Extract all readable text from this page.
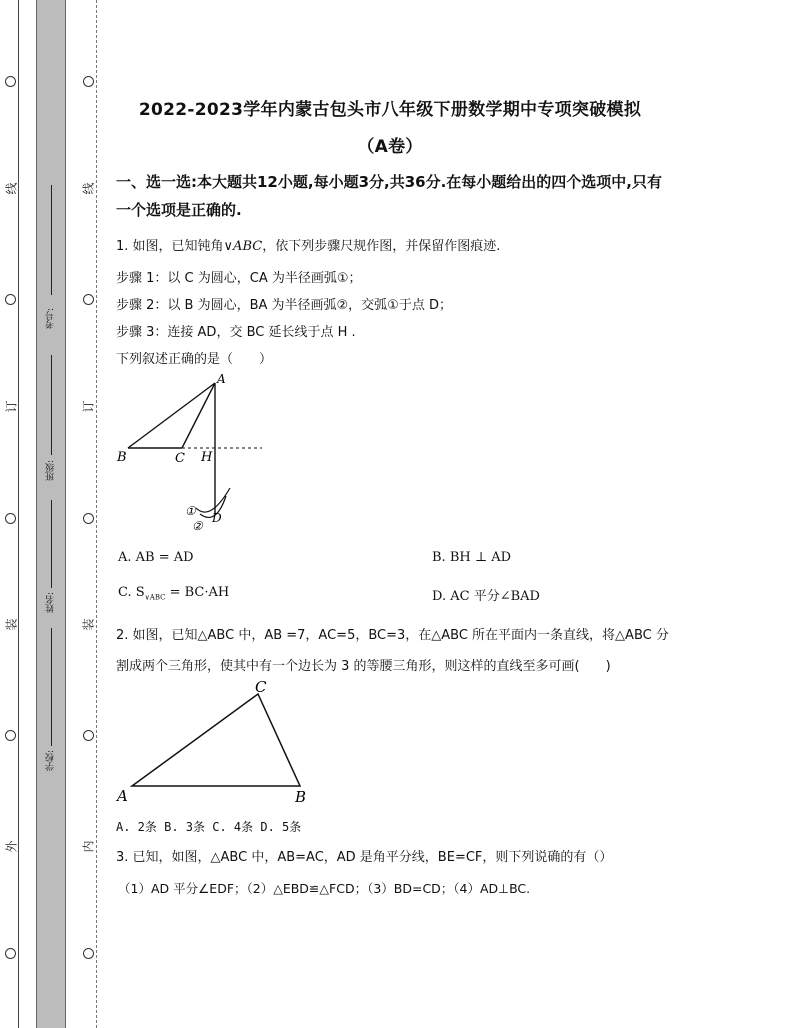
线
订
装
外
线
订
装
内
考号:
班级:
姓名:
学校:
2022-2023学年内蒙古包头市八年级下册数学期中专项突破模拟
（A卷）
一、选一选:本大题共12小题,每小题3分,共36分.在每小题给出的四个选项中,只有一个选项是正确的.
1. 如图，已知钝角∨ABC，依下列步骤尺规作图，并保留作图痕迹.
步骤 1：以 C 为圆心，CA 为半径画弧①；
步骤 2：以 B 为圆心，BA 为半径画弧②，交弧①于点 D；
步骤 3：连接 AD，交 BC 延长线于点 H .
下列叙述正确的是（　　）
A
B	C H
D
①
②
A. AB = AD	B. BH ⊥ AD
C. $S_{\vee ABC} = BC\cdot AH$	D. AC 平分∠BAD
2. 如图，已知△ABC 中，AB =7，AC=5，BC=3，在△ABC 所在平面内一条直线，将△ABC 分
割成两个三角形，使其中有一个边长为 3 的等腰三角形，则这样的直线至多可画(　　)
A	B
C
A. 2条 B. 3条 C. 4条 D. 5条
3. 已知，如图，△ABC 中，AB=AC，AD 是角平分线，BE=CF，则下列说确的有（）
（1）AD 平分∠EDF；（2）△EBD≌△FCD；（3）BD=CD；（4）AD⊥BC.
